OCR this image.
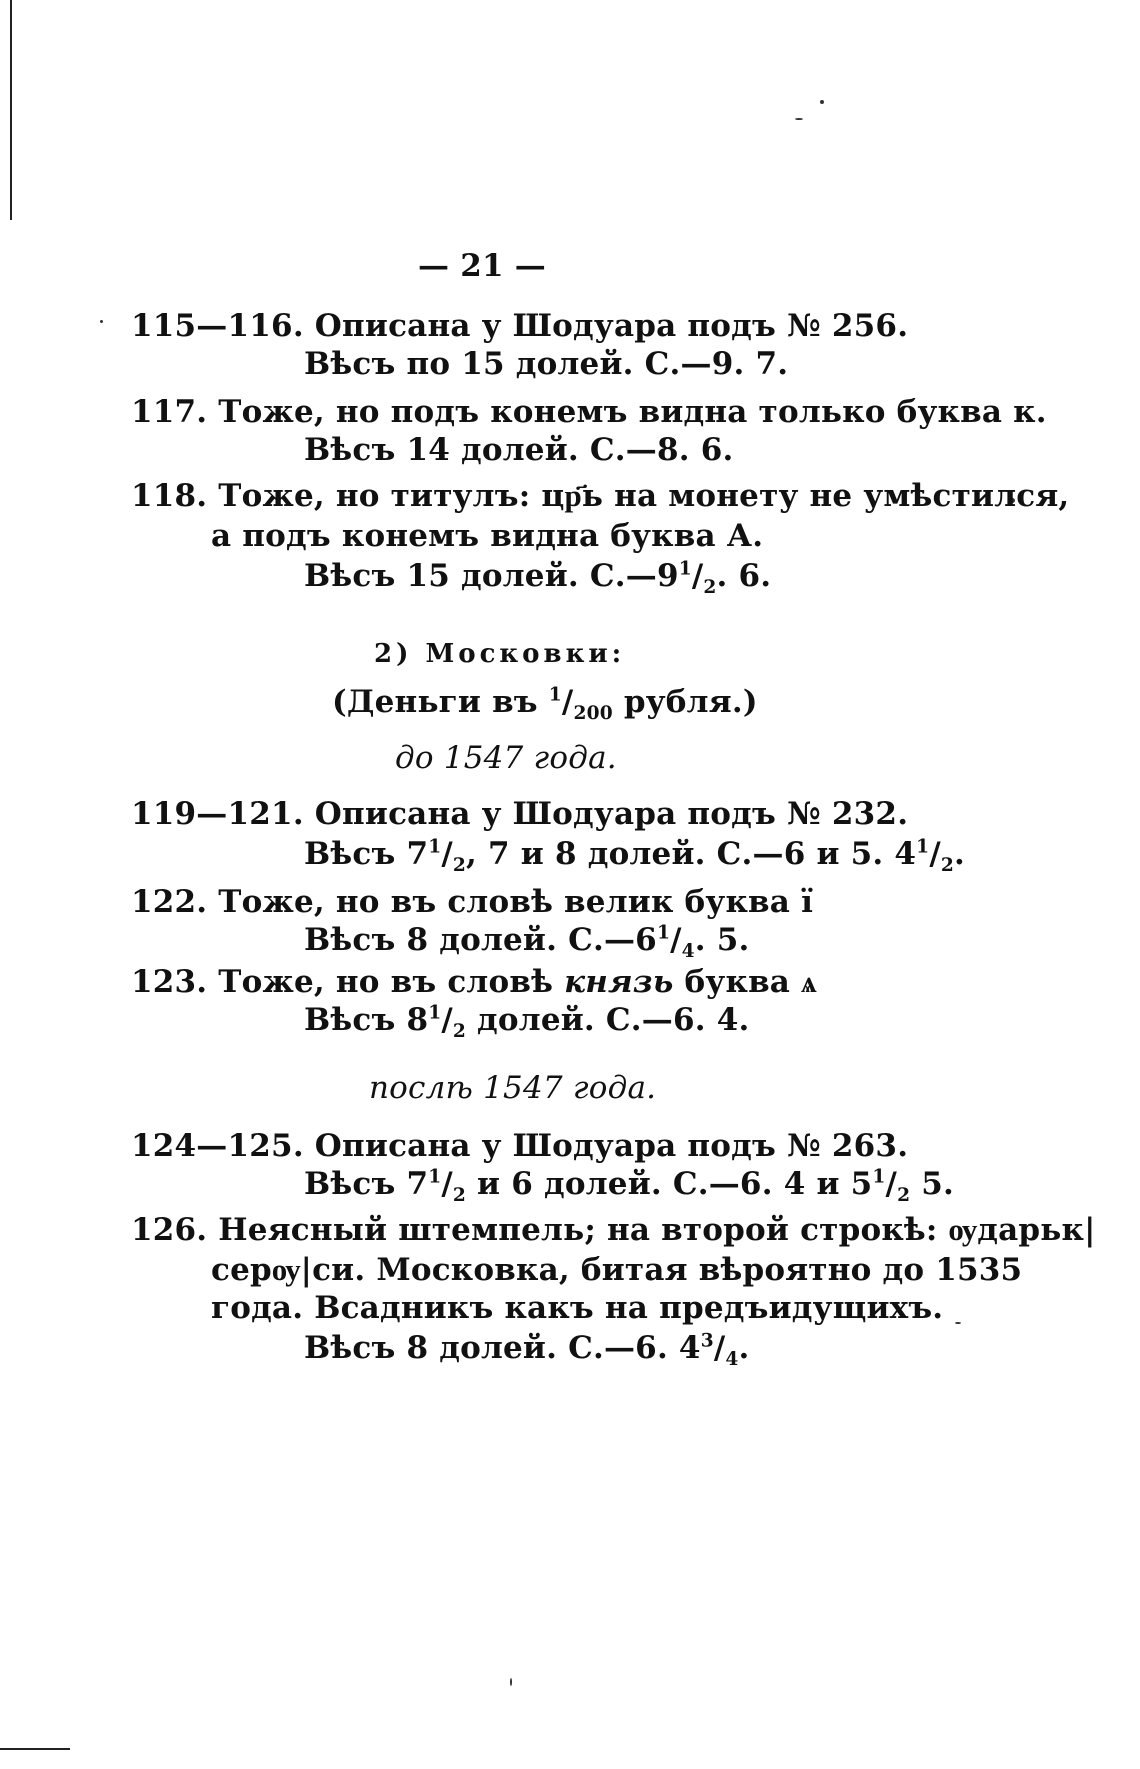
— 21 —
115—116. Описана у Шодуара подъ № 256.
Вѣсъ по 15 долей. С.—9. 7.
117. Тоже, но подъ конемъ видна только буква к.
Вѣсъ 14 долей. С.—8. 6.
118. Тоже, но титулъ: цр҃ь на монету не умѣстился,
а подъ конемъ видна буква А.
Вѣсъ 15 долей. $С.—9^1/_2$. 6.
2) Московки:
(Деньги въ $^1/_{200}$ рубля.)
до 1547 года.
119—121. Описана у Шодуара подъ № 232.
Вѣсъ $7^1/_2$, 7 и 8 долей. С.—6 и 5. $4^1/_2$.
122. Тоже, но въ словѣ велик буква ї
Вѣсъ 8 долей. $С.—6^1/_4$. 5.
123. Тоже, но въ словѣ князь буква ѧ
Вѣсъ $8^1/_2$ долей. С.—6. 4.
послѣ 1547 года.
124—125. Описана у Шодуара подъ № 263.
Вѣсъ $7^1/_2$ и 6 долей. С.—6. 4 и $5^1/_2$ 5.
126. Неясный штемпель; на второй строкѣ: ѹдарьк|
серѹ|си. Московка, битая вѣроятно до 1535
года. Всадникъ какъ на предъидущихъ.
Вѣсъ 8 долей. С.—6. $4^3/_4$.
